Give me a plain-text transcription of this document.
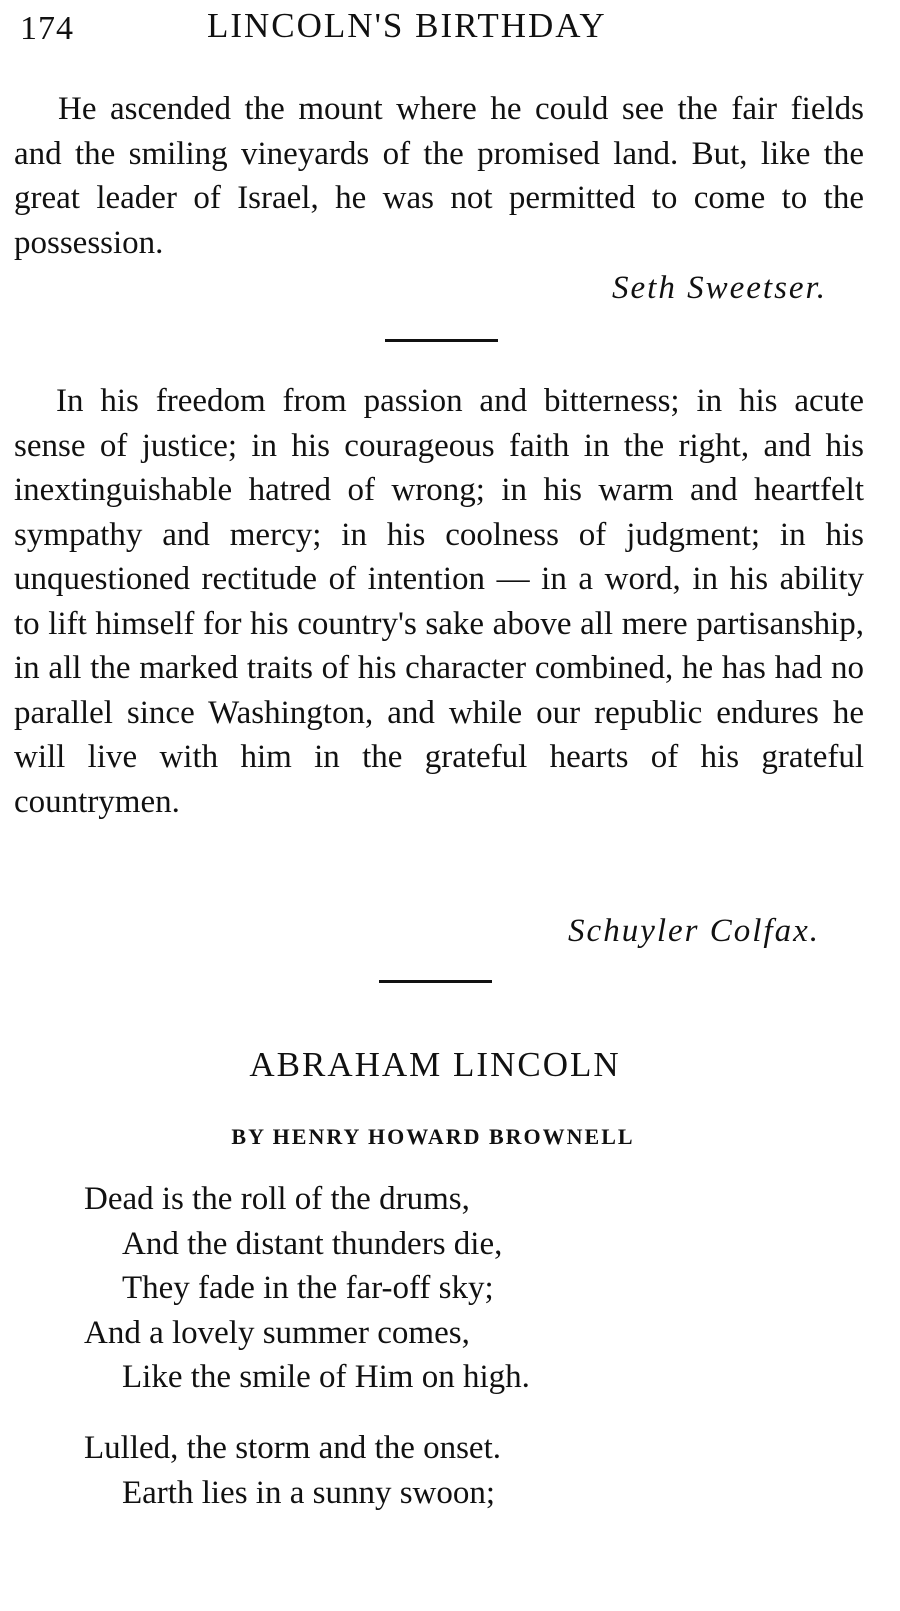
174	LINCOLN'S BIRTHDAY

He ascended the mount where he could see the fair fields and the smiling vineyards of the promised land. But, like the great leader of Israel, he was not permitted to come to the possession.

Seth Sweetser.

In his freedom from passion and bitterness; in his acute sense of justice; in his courageous faith in the right, and his inextinguishable hatred of wrong; in his warm and heartfelt sympathy and mercy; in his coolness of judgment; in his unquestioned rectitude of intention — in a word, in his ability to lift himself for his country's sake above all mere partisanship, in all the marked traits of his character combined, he has had no parallel since Washington, and while our republic endures he will live with him in the grateful hearts of his grateful countrymen.

Schuyler Colfax.

ABRAHAM LINCOLN

BY HENRY HOWARD BROWNELL

Dead is the roll of the drums,
And the distant thunders die,
They fade in the far-off sky;
And a lovely summer comes,
Like the smile of Him on high.
Lulled, the storm and the onset.
Earth lies in a sunny swoon;
